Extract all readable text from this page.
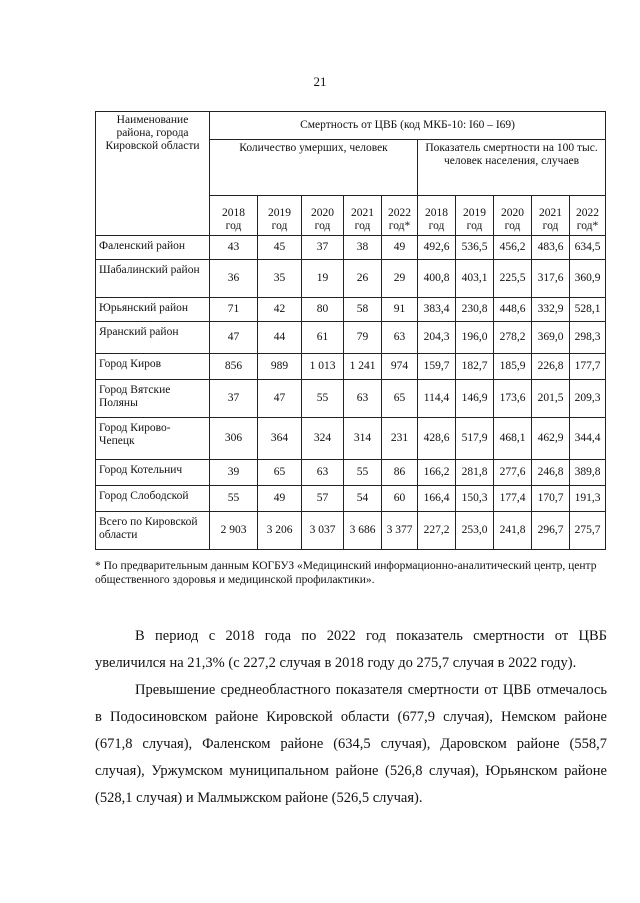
21
Наименование района, города Кировской области	Смертность от ЦВБ (код МКБ-10: I60 – I69)									
	Количество умерших, человек					Показатель смертности на 100 тыс. человек населения, случаев				
	2018 год	2019 год	2020 год	2021 год	2022 год*	2018 год	2019 год	2020 год	2021 год	2022 год*
Фаленский район	43	45	37	38	49	492,6	536,5	456,2	483,6	634,5
Шабалинский район	36	35	19	26	29	400,8	403,1	225,5	317,6	360,9
Юрьянский район	71	42	80	58	91	383,4	230,8	448,6	332,9	528,1
Яранский район	47	44	61	79	63	204,3	196,0	278,2	369,0	298,3
Город Киров	856	989	1 013	1 241	974	159,7	182,7	185,9	226,8	177,7
Город Вятские Поляны	37	47	55	63	65	114,4	146,9	173,6	201,5	209,3
Город Кирово-Чепецк	306	364	324	314	231	428,6	517,9	468,1	462,9	344,4
Город Котельнич	39	65	63	55	86	166,2	281,8	277,6	246,8	389,8
Город Слободской	55	49	57	54	60	166,4	150,3	177,4	170,7	191,3
Всего по Кировской области	2 903	3 206	3 037	3 686	3 377	227,2	253,0	241,8	296,7	275,7
* По предварительным данным КОГБУЗ «Медицинский информационно-аналитический центр, центр общественного здоровья и медицинской профилактики».

В период с 2018 года по 2022 год показатель смертности от ЦВБ увеличился на 21,3% (с 227,2 случая в 2018 году до 275,7 случая в 2022 году).

Превышение среднеобластного показателя смертности от ЦВБ отмечалось в Подосиновском районе Кировской области (677,9 случая), Немском районе (671,8 случая), Фаленском районе (634,5 случая), Даровском районе (558,7 случая), Уржумском муниципальном районе (526,8 случая), Юрьянском районе (528,1 случая) и Малмыжском районе (526,5 случая).
